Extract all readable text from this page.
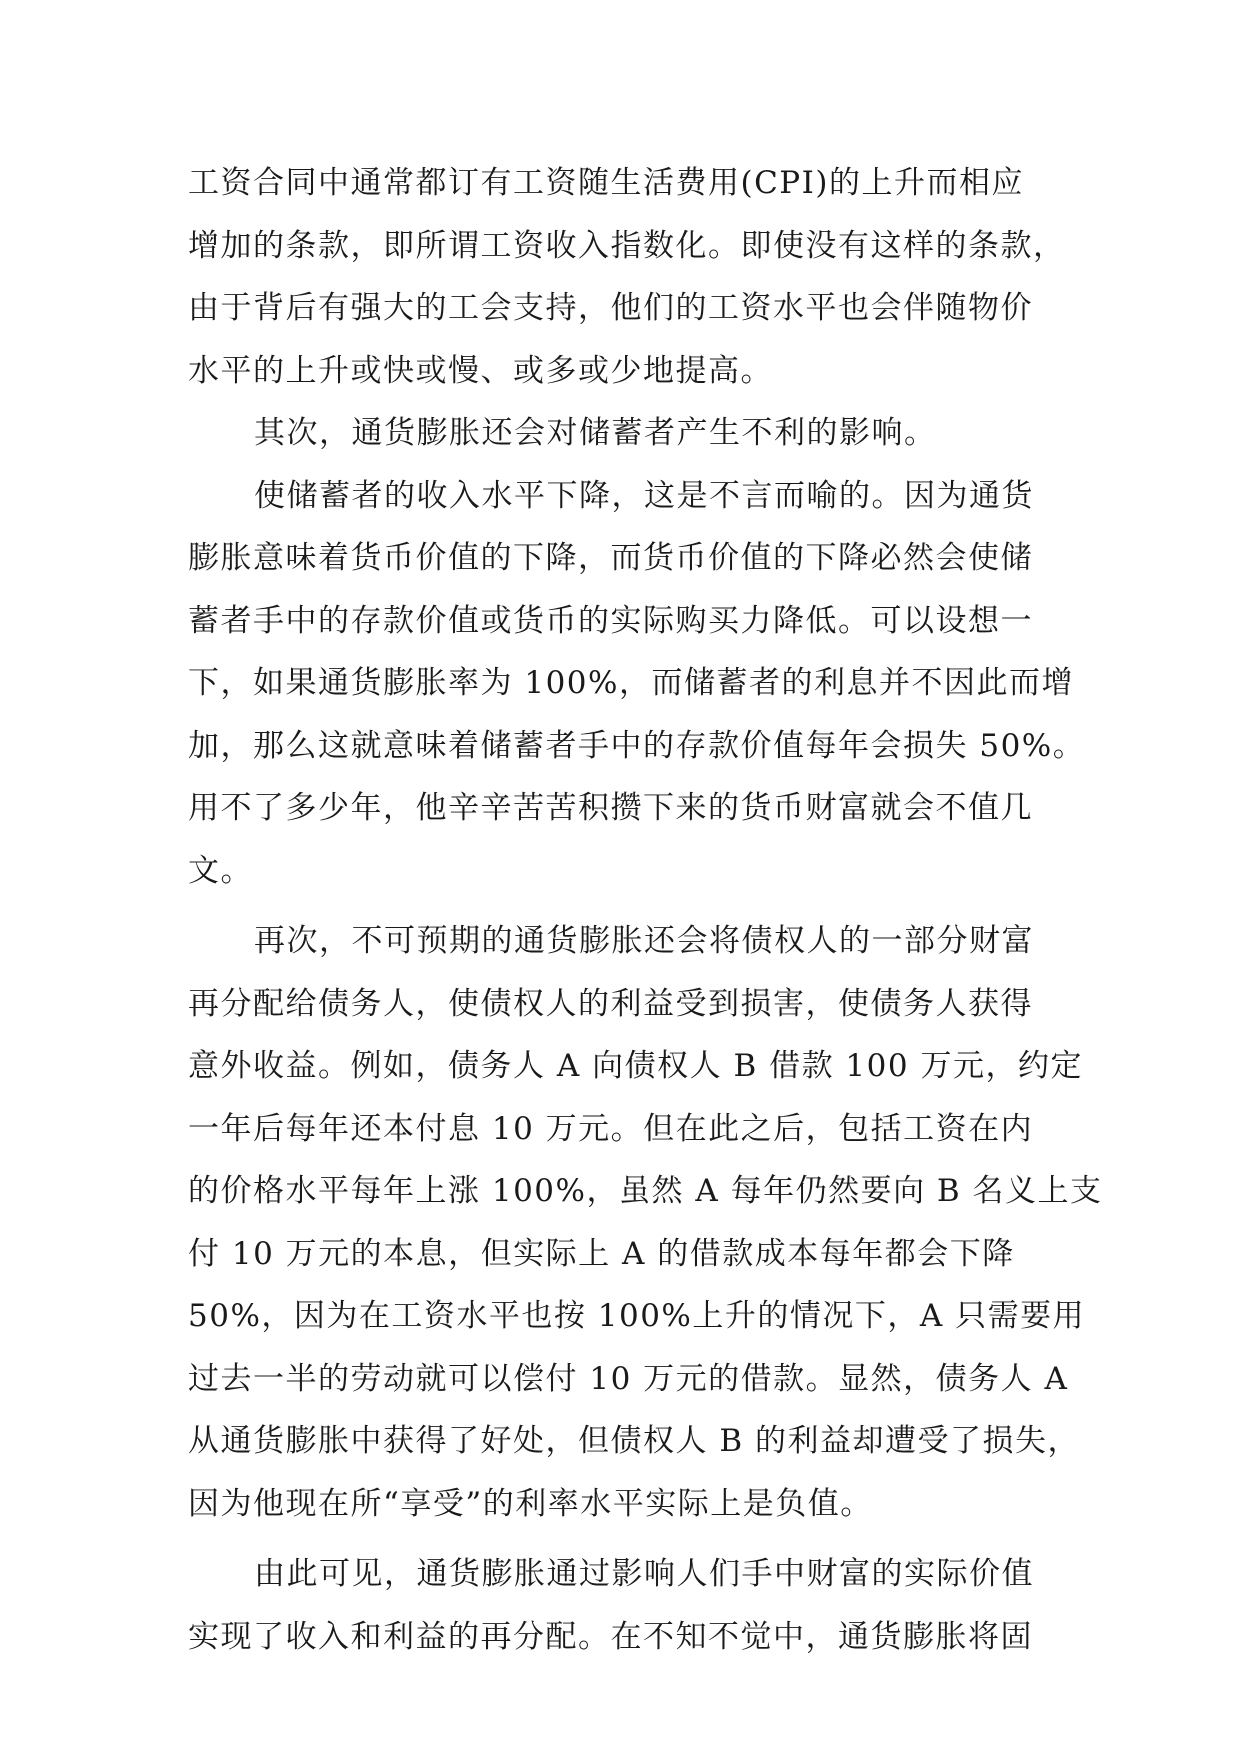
工资合同中通常都订有工资随生活费用(CPI)的上升而相应
增加的条款，即所谓工资收入指数化。即使没有这样的条款，
由于背后有强大的工会支持，他们的工资水平也会伴随物价
水平的上升或快或慢、或多或少地提高。
其次，通货膨胀还会对储蓄者产生不利的影响。
使储蓄者的收入水平下降，这是不言而喻的。因为通货
膨胀意味着货币价值的下降，而货币价值的下降必然会使储
蓄者手中的存款价值或货币的实际购买力降低。可以设想一
下，如果通货膨胀率为 100%，而储蓄者的利息并不因此而增
加，那么这就意味着储蓄者手中的存款价值每年会损失 50%。
用不了多少年，他辛辛苦苦积攒下来的货币财富就会不值几
文。
再次，不可预期的通货膨胀还会将债权人的一部分财富
再分配给债务人，使债权人的利益受到损害，使债务人获得
意外收益。例如，债务人 A 向债权人 B 借款 100 万元，约定
一年后每年还本付息 10 万元。但在此之后，包括工资在内
的价格水平每年上涨 100%，虽然 A 每年仍然要向 B 名义上支
付 10 万元的本息，但实际上 A 的借款成本每年都会下降
50%，因为在工资水平也按 100%上升的情况下，A 只需要用
过去一半的劳动就可以偿付 10 万元的借款。显然，债务人 A
从通货膨胀中获得了好处，但债权人 B 的利益却遭受了损失，
因为他现在所“享受”的利率水平实际上是负值。
由此可见，通货膨胀通过影响人们手中财富的实际价值
实现了收入和利益的再分配。在不知不觉中，通货膨胀将固
